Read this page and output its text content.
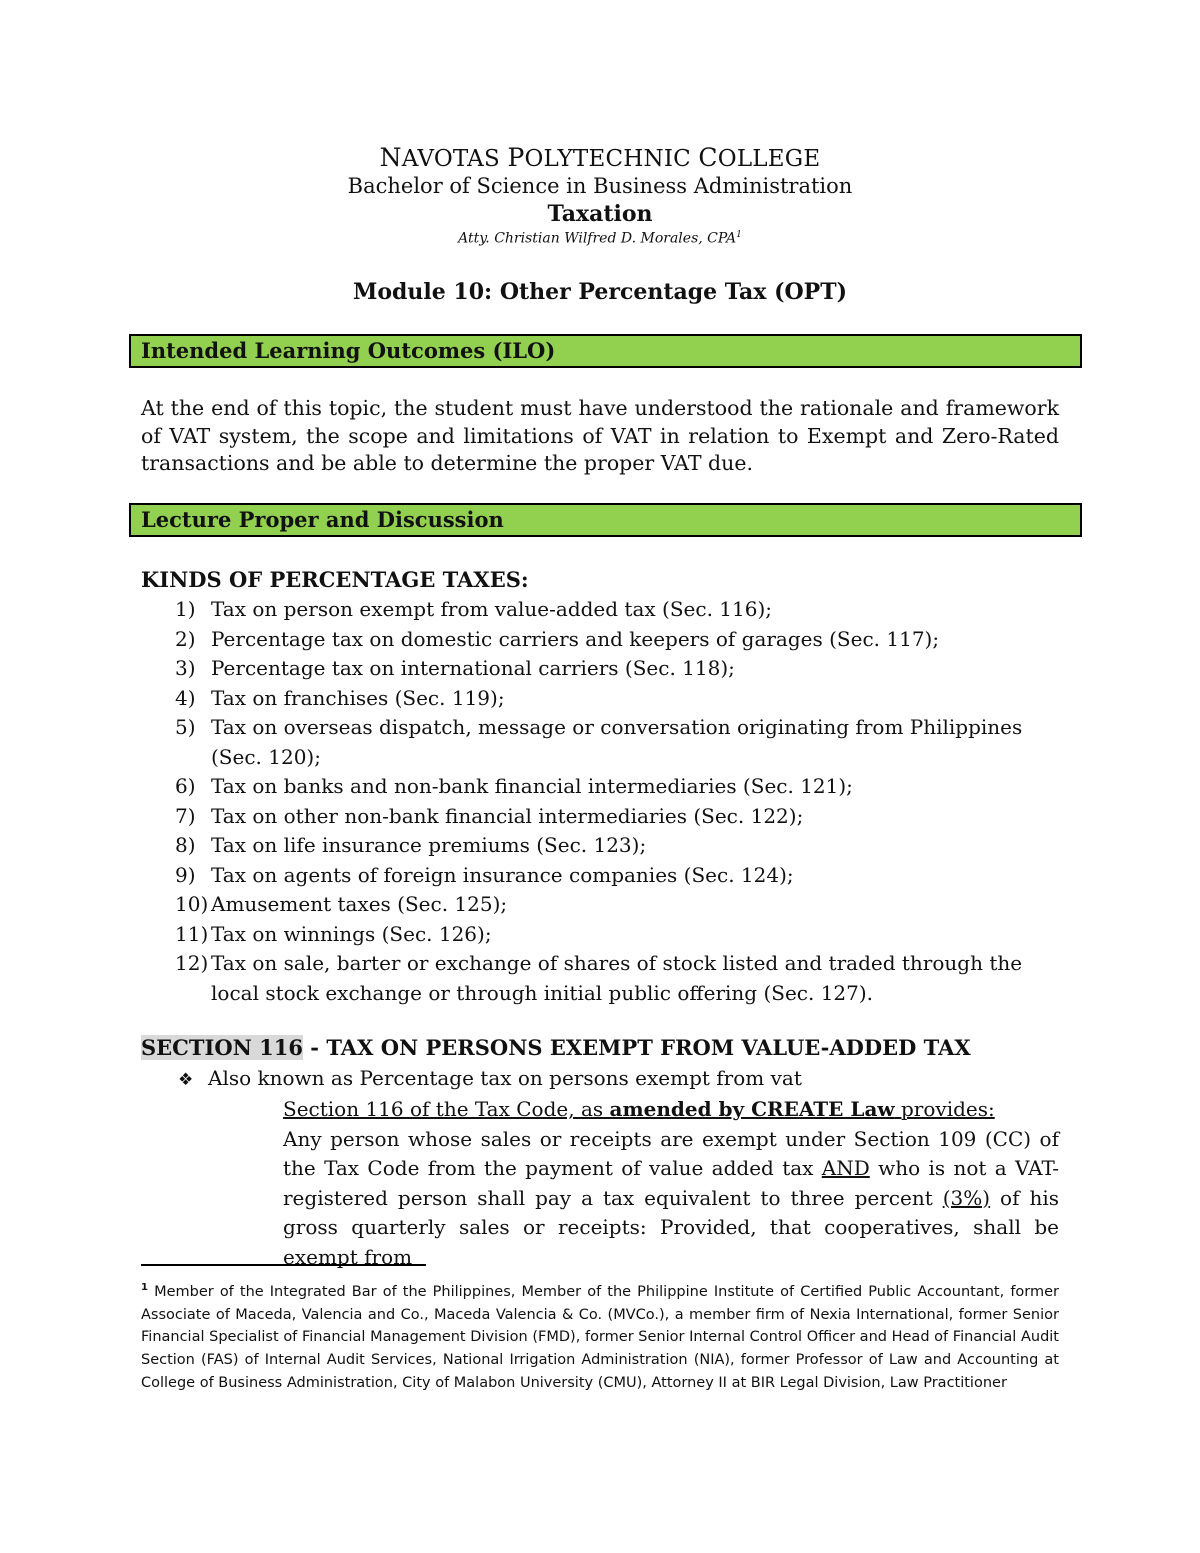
NAVOTAS POLYTECHNIC COLLEGE
Bachelor of Science in Business Administration
Taxation
Atty. Christian Wilfred D. Morales, CPA$^1$
Module 10: Other Percentage Tax (OPT)
Intended Learning Outcomes (ILO)
At the end of this topic, the student must have understood the rationale and framework of VAT system, the scope and limitations of VAT in relation to Exempt and Zero-Rated transactions and be able to determine the proper VAT due.
Lecture Proper and Discussion
KINDS OF PERCENTAGE TAXES:
1) Tax on person exempt from value-added tax (Sec. 116);
2) Percentage tax on domestic carriers and keepers of garages (Sec. 117);
3) Percentage tax on international carriers (Sec. 118);
4) Tax on franchises (Sec. 119);
5) Tax on overseas dispatch, message or conversation originating from Philippines (Sec. 120);
6) Tax on banks and non-bank financial intermediaries (Sec. 121);
7) Tax on other non-bank financial intermediaries (Sec. 122);
8) Tax on life insurance premiums (Sec. 123);
9) Tax on agents of foreign insurance companies (Sec. 124);
10) Amusement taxes (Sec. 125);
11) Tax on winnings (Sec. 126);
12) Tax on sale, barter or exchange of shares of stock listed and traded through the local stock exchange or through initial public offering (Sec. 127).
SECTION 116 - TAX ON PERSONS EXEMPT FROM VALUE-ADDED TAX
❖ Also known as Percentage tax on persons exempt from vat
Section 116 of the Tax Code, as amended by CREATE Law provides:
Any person whose sales or receipts are exempt under Section 109 (CC) of the Tax Code from the payment of value added tax AND who is not a VAT-registered person shall pay a tax equivalent to three percent (3%) of his gross quarterly sales or receipts: Provided, that cooperatives, shall be exempt from
$^1$ Member of the Integrated Bar of the Philippines, Member of the Philippine Institute of Certified Public Accountant, former Associate of Maceda, Valencia and Co., Maceda Valencia & Co. (MVCo.), a member firm of Nexia International, former Senior Financial Specialist of Financial Management Division (FMD), former Senior Internal Control Officer and Head of Financial Audit Section (FAS) of Internal Audit Services, National Irrigation Administration (NIA), former Professor of Law and Accounting at College of Business Administration, City of Malabon University (CMU), Attorney II at BIR Legal Division, Law Practitioner
